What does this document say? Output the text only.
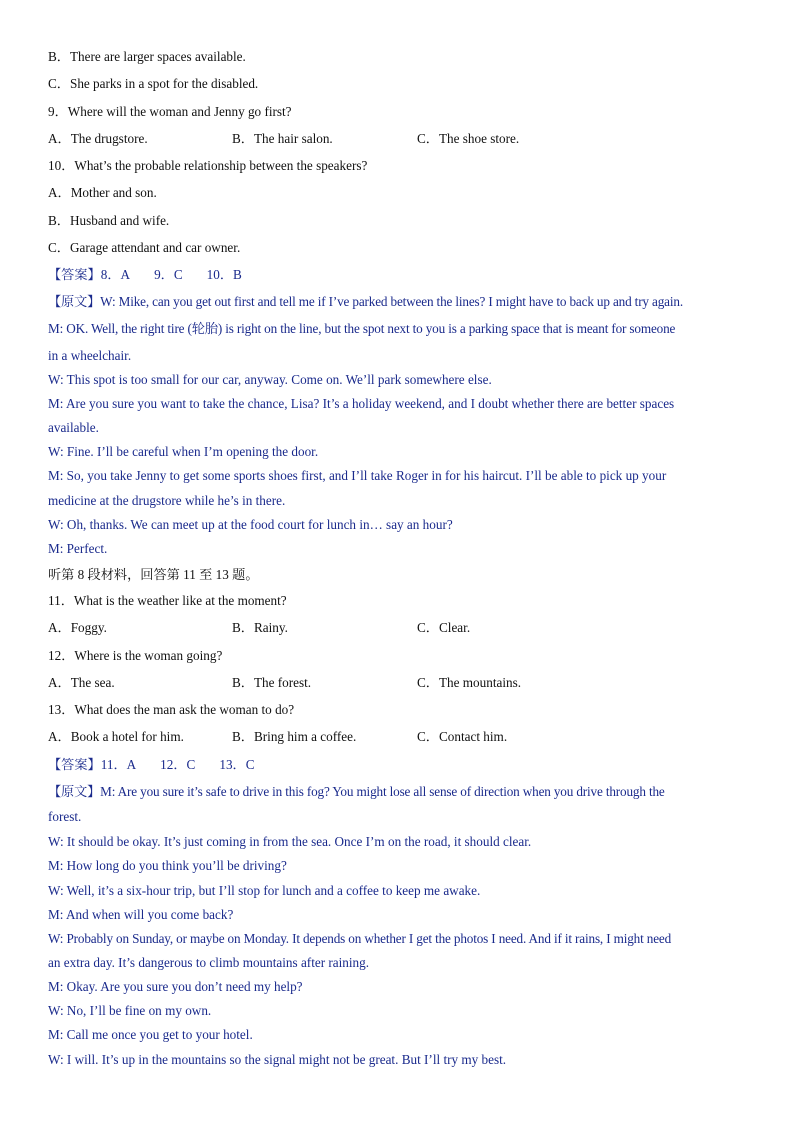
B．There are larger spaces available.
C．She parks in a spot for the disabled.
9．Where will the woman and Jenny go first?
A．The drugstore.	B．The hair salon.	C．The shoe store.
10．What’s the probable relationship between the speakers?
A．Mother and son.
B．Husband and wife.
C．Garage attendant and car owner.
【答案】8．A 9．C 10．B
【原文】W: Mike, can you get out first and tell me if I’ve parked between the lines? I might have to back up and try again.
M: OK. Well, the right tire (轮胎) is right on the line, but the spot next to you is a parking space that is meant for someone
in a wheelchair.
W: This spot is too small for our car, anyway. Come on. We’ll park somewhere else.
M: Are you sure you want to take the chance, Lisa? It’s a holiday weekend, and I doubt whether there are better spaces
available.
W: Fine. I’ll be careful when I’m opening the door.
M: So, you take Jenny to get some sports shoes first, and I’ll take Roger in for his haircut. I’ll be able to pick up your
medicine at the drugstore while he’s in there.
W: Oh, thanks. We can meet up at the food court for lunch in… say an hour?
M: Perfect.
听第 8 段材料，回答第 11 至 13 题。
11．What is the weather like at the moment?
A．Foggy.	B．Rainy.	C．Clear.
12．Where is the woman going?
A．The sea.	B．The forest.	C．The mountains.
13．What does the man ask the woman to do?
A．Book a hotel for him.	B．Bring him a coffee.	C．Contact him.
【答案】11．A 12．C 13．C
【原文】M: Are you sure it’s safe to drive in this fog? You might lose all sense of direction when you drive through the
forest.
W: It should be okay. It’s just coming in from the sea. Once I’m on the road, it should clear.
M: How long do you think you’ll be driving?
W: Well, it’s a six-hour trip, but I’ll stop for lunch and a coffee to keep me awake.
M: And when will you come back?
W: Probably on Sunday, or maybe on Monday. It depends on whether I get the photos I need. And if it rains, I might need
an extra day. It’s dangerous to climb mountains after raining.
M: Okay. Are you sure you don’t need my help?
W: No, I’ll be fine on my own.
M: Call me once you get to your hotel.
W: I will. It’s up in the mountains so the signal might not be great. But I’ll try my best.
